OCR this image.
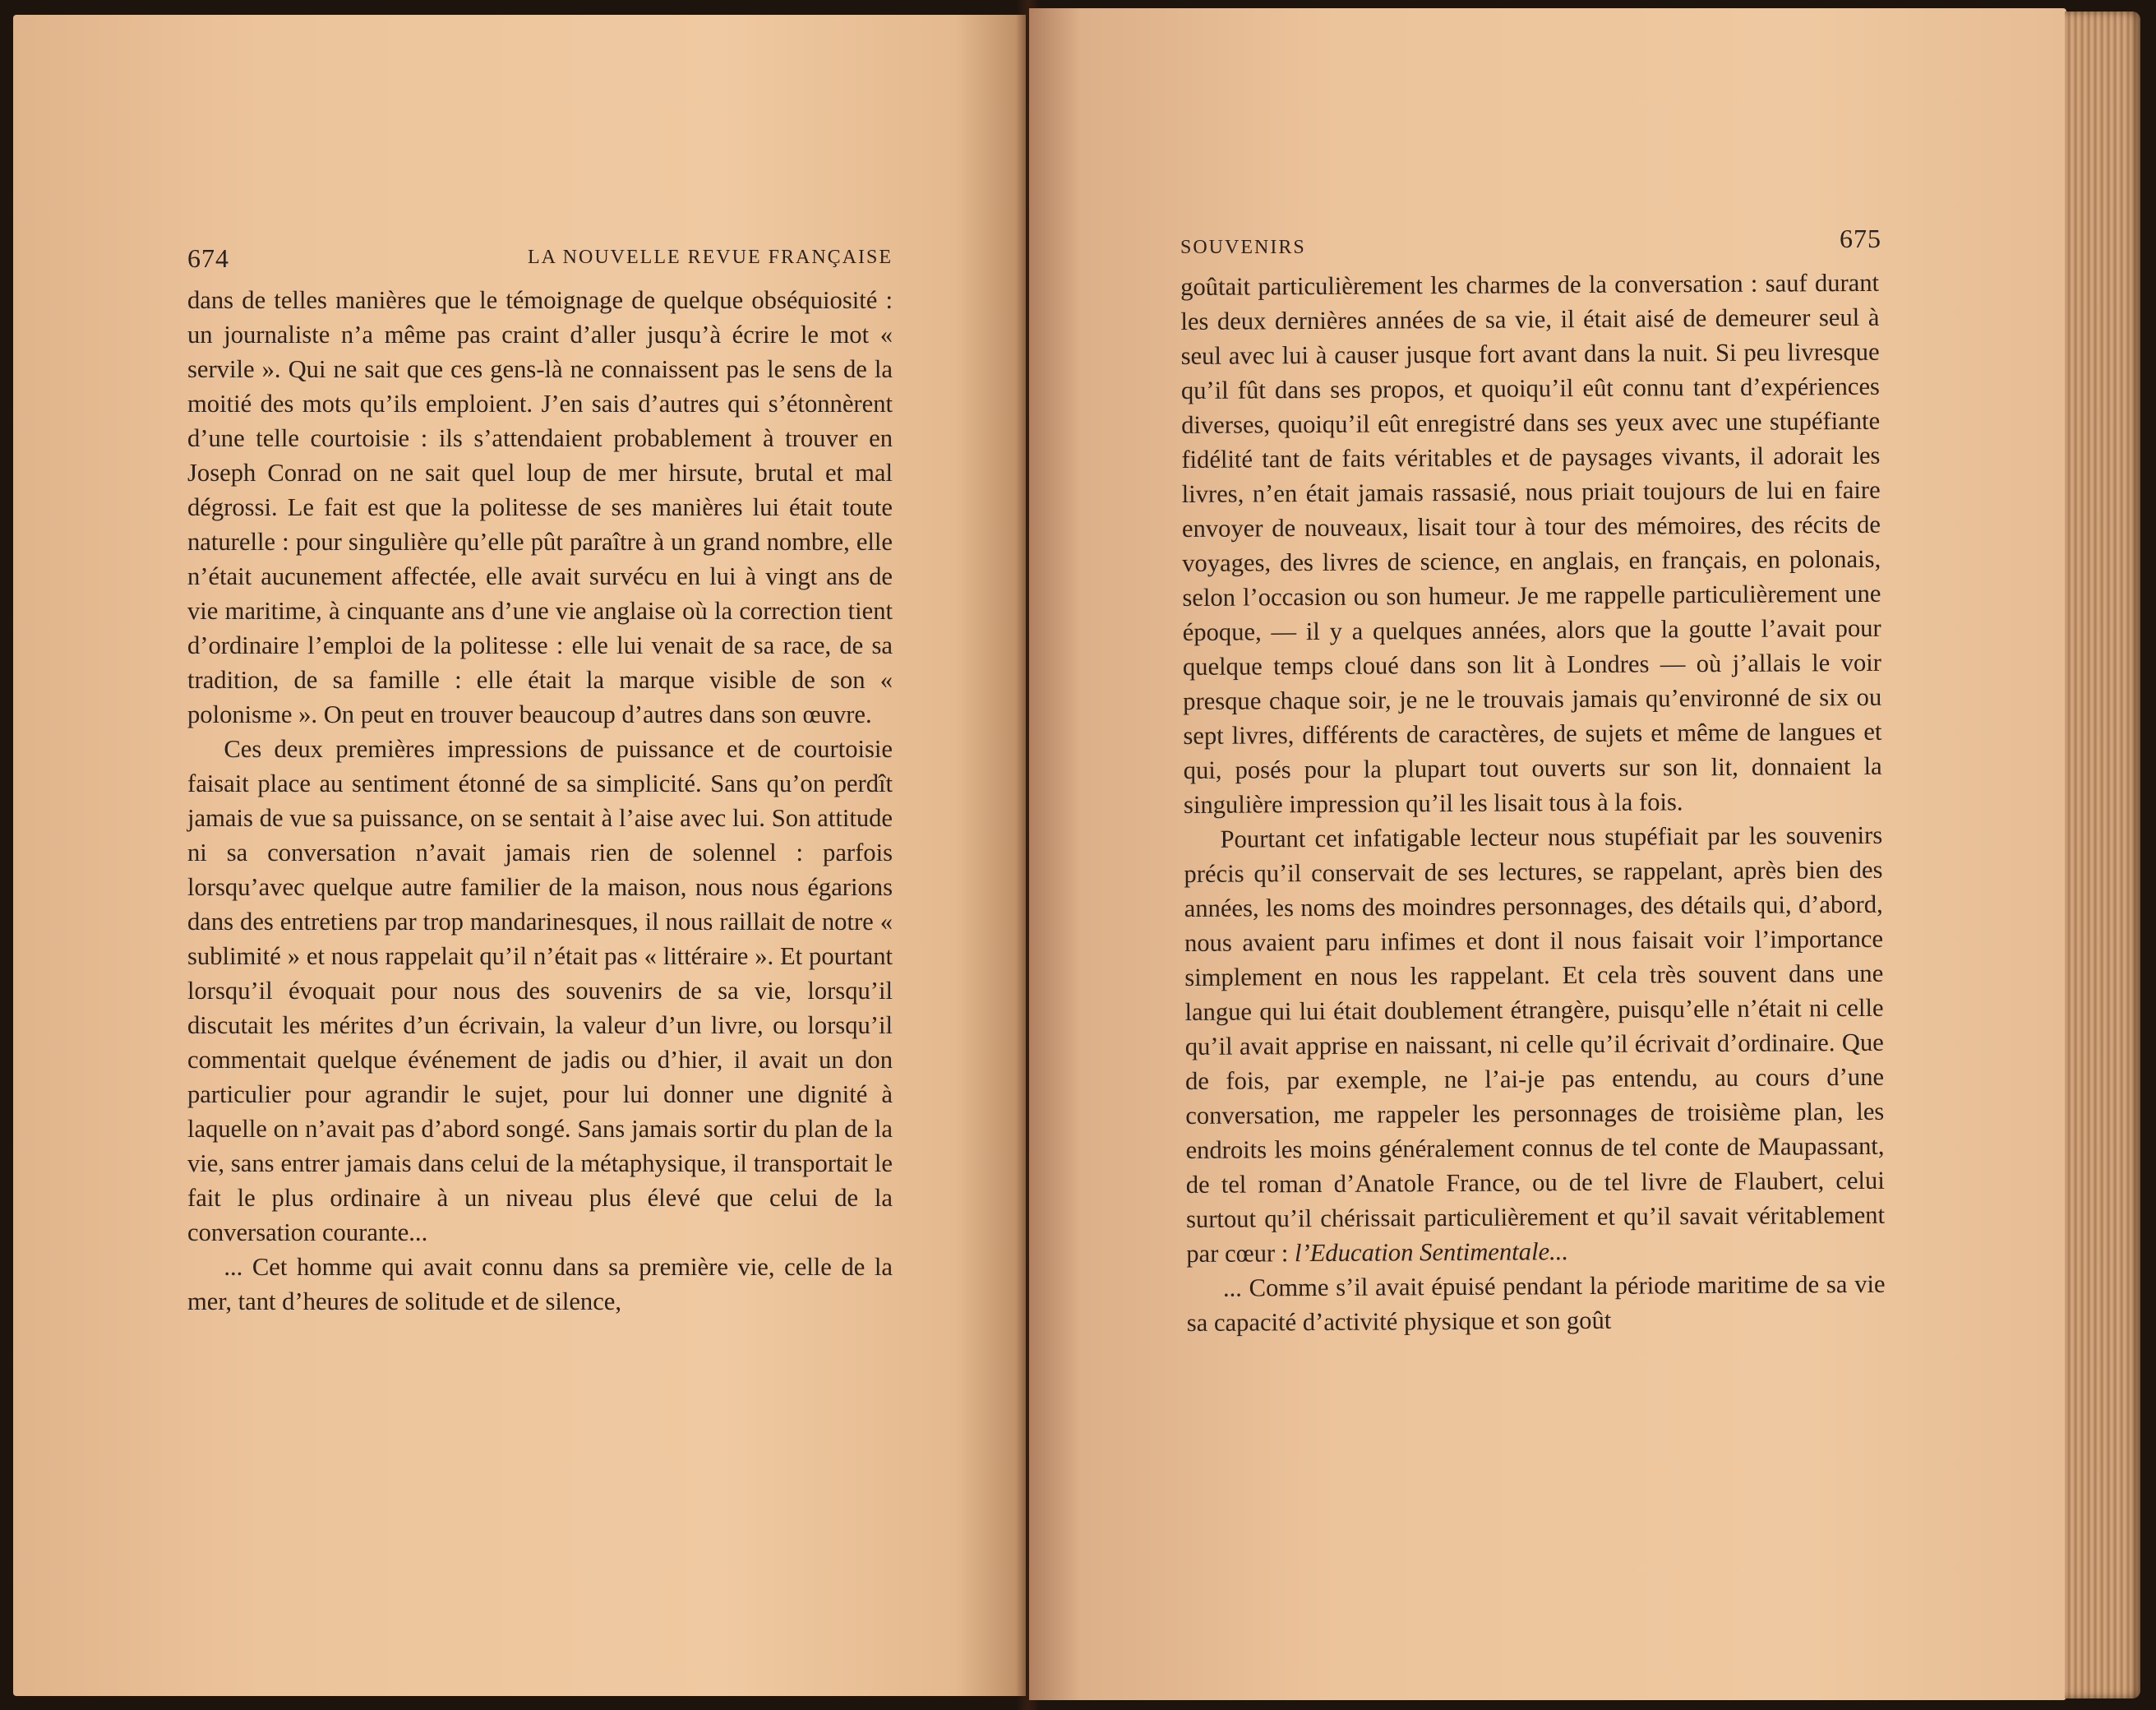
674	LA NOUVELLE REVUE FRANÇAISE

dans de telles manières que le témoignage de quelque obséquiosité : un journaliste n’a même pas craint d’aller jusqu’à écrire le mot « servile ». Qui ne sait que ces gens-là ne connaissent pas le sens de la moitié des mots qu’ils emploient. J’en sais d’autres qui s’étonnèrent d’une telle courtoisie : ils s’attendaient probablement à trouver en Joseph Conrad on ne sait quel loup de mer hirsute, brutal et mal dégrossi. Le fait est que la politesse de ses manières lui était toute naturelle : pour singulière qu’elle pût paraître à un grand nombre, elle n’était aucunement affectée, elle avait survécu en lui à vingt ans de vie maritime, à cinquante ans d’une vie anglaise où la correction tient d’ordinaire l’emploi de la politesse : elle lui venait de sa race, de sa tradition, de sa famille : elle était la marque visible de son « polonisme ». On peut en trouver beaucoup d’autres dans son œuvre.

Ces deux premières impressions de puissance et de courtoisie faisait place au sentiment étonné de sa simplicité. Sans qu’on perdît jamais de vue sa puissance, on se sentait à l’aise avec lui. Son attitude ni sa conversation n’avait jamais rien de solennel : parfois lorsqu’avec quelque autre familier de la maison, nous nous égarions dans des entretiens par trop mandarinesques, il nous raillait de notre « sublimité » et nous rappelait qu’il n’était pas « littéraire ». Et pourtant lorsqu’il évoquait pour nous des souvenirs de sa vie, lorsqu’il discutait les mérites d’un écrivain, la valeur d’un livre, ou lorsqu’il commentait quelque événement de jadis ou d’hier, il avait un don particulier pour agrandir le sujet, pour lui donner une dignité à laquelle on n’avait pas d’abord songé. Sans jamais sortir du plan de la vie, sans entrer jamais dans celui de la métaphysique, il transportait le fait le plus ordinaire à un niveau plus élevé que celui de la conversation courante...

... Cet homme qui avait connu dans sa première vie, celle de la mer, tant d’heures de solitude et de silence,

SOUVENIRS	675

goûtait particulièrement les charmes de la conversation : sauf durant les deux dernières années de sa vie, il était aisé de demeurer seul à seul avec lui à causer jusque fort avant dans la nuit. Si peu livresque qu’il fût dans ses propos, et quoiqu’il eût connu tant d’expériences diverses, quoiqu’il eût enregistré dans ses yeux avec une stupéfiante fidélité tant de faits véritables et de paysages vivants, il adorait les livres, n’en était jamais rassasié, nous priait toujours de lui en faire envoyer de nouveaux, lisait tour à tour des mémoires, des récits de voyages, des livres de science, en anglais, en français, en polonais, selon l’occasion ou son humeur. Je me rappelle particulièrement une époque, — il y a quelques années, alors que la goutte l’avait pour quelque temps cloué dans son lit à Londres — où j’allais le voir presque chaque soir, je ne le trouvais jamais qu’environné de six ou sept livres, différents de caractères, de sujets et même de langues et qui, posés pour la plupart tout ouverts sur son lit, donnaient la singulière impression qu’il les lisait tous à la fois.

Pourtant cet infatigable lecteur nous stupéfiait par les souvenirs précis qu’il conservait de ses lectures, se rappelant, après bien des années, les noms des moindres personnages, des détails qui, d’abord, nous avaient paru infimes et dont il nous faisait voir l’importance simplement en nous les rappelant. Et cela très souvent dans une langue qui lui était doublement étrangère, puisqu’elle n’était ni celle qu’il avait apprise en naissant, ni celle qu’il écrivait d’ordinaire. Que de fois, par exemple, ne l’ai-je pas entendu, au cours d’une conversation, me rappeler les personnages de troisième plan, les endroits les moins généralement connus de tel conte de Maupassant, de tel roman d’Anatole France, ou de tel livre de Flaubert, celui surtout qu’il chérissait particulièrement et qu’il savait véritablement par cœur : l’Education Sentimentale...

... Comme s’il avait épuisé pendant la période maritime de sa vie sa capacité d’activité physique et son goût
